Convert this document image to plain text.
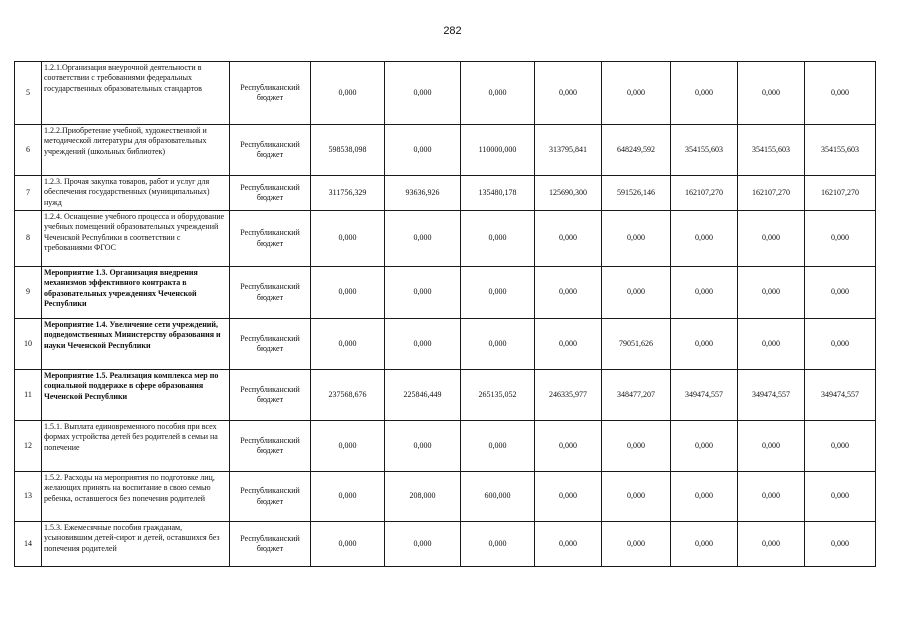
282
5	1.2.1.Организация внеурочной деятельности в соответствии с требованиями федеральных государственных образовательных стандартов	Республиканский бюджет	0,000	0,000	0,000	0,000	0,000	0,000	0,000	0,000
6	1.2.2.Приобретение учебной, художественной и методической литературы для образовательных учреждений (школьных библиотек)	Республиканский бюджет	598538,098	0,000	110000,000	313795,841	648249,592	354155,603	354155,603	354155,603
7	1.2.3. Прочая закупка товаров, работ и услуг для обеспечения государственных (муниципальных) нужд	Республиканский бюджет	311756,329	93636,926	135480,178	125690,300	591526,146	162107,270	162107,270	162107,270
8	1.2.4. Оснащение учебного процесса и оборудование учебных помещений образовательных учреждений Чеченской Республики в соответствии с требованиями ФГОС	Республиканский бюджет	0,000	0,000	0,000	0,000	0,000	0,000	0,000	0,000
9	Мероприятие 1.3. Организация внедрения механизмов эффективного контракта в образовательных учреждениях Чеченской Республики	Республиканский бюджет	0,000	0,000	0,000	0,000	0,000	0,000	0,000	0,000
10	Мероприятие 1.4. Увеличение сети учреждений, подведомственных Министерству образования и науки Чеченской Республики	Республиканский бюджет	0,000	0,000	0,000	0,000	79051,626	0,000	0,000	0,000
11	Мероприятие 1.5. Реализация комплекса мер по социальной поддержке в сфере образования Чеченской Республики	Республиканский бюджет	237568,676	225846,449	265135,052	246335,977	348477,207	349474,557	349474,557	349474,557
12	1.5.1. Выплата единовременного пособия при всех формах устройства детей без родителей в семьи на попечение	Республиканский бюджет	0,000	0,000	0,000	0,000	0,000	0,000	0,000	0,000
13	1.5.2. Расходы на мероприятия по подготовке лиц, желающих принять на воспитание в свою семью ребенка, оставшегося без попечения родителей	Республиканский бюджет	0,000	208,000	600,000	0,000	0,000	0,000	0,000	0,000
14	1.5.3. Ежемесячные пособия гражданам, усыновившим детей-сирот и детей, оставшихся без попечения родителей	Республиканский бюджет	0,000	0,000	0,000	0,000	0,000	0,000	0,000	0,000
